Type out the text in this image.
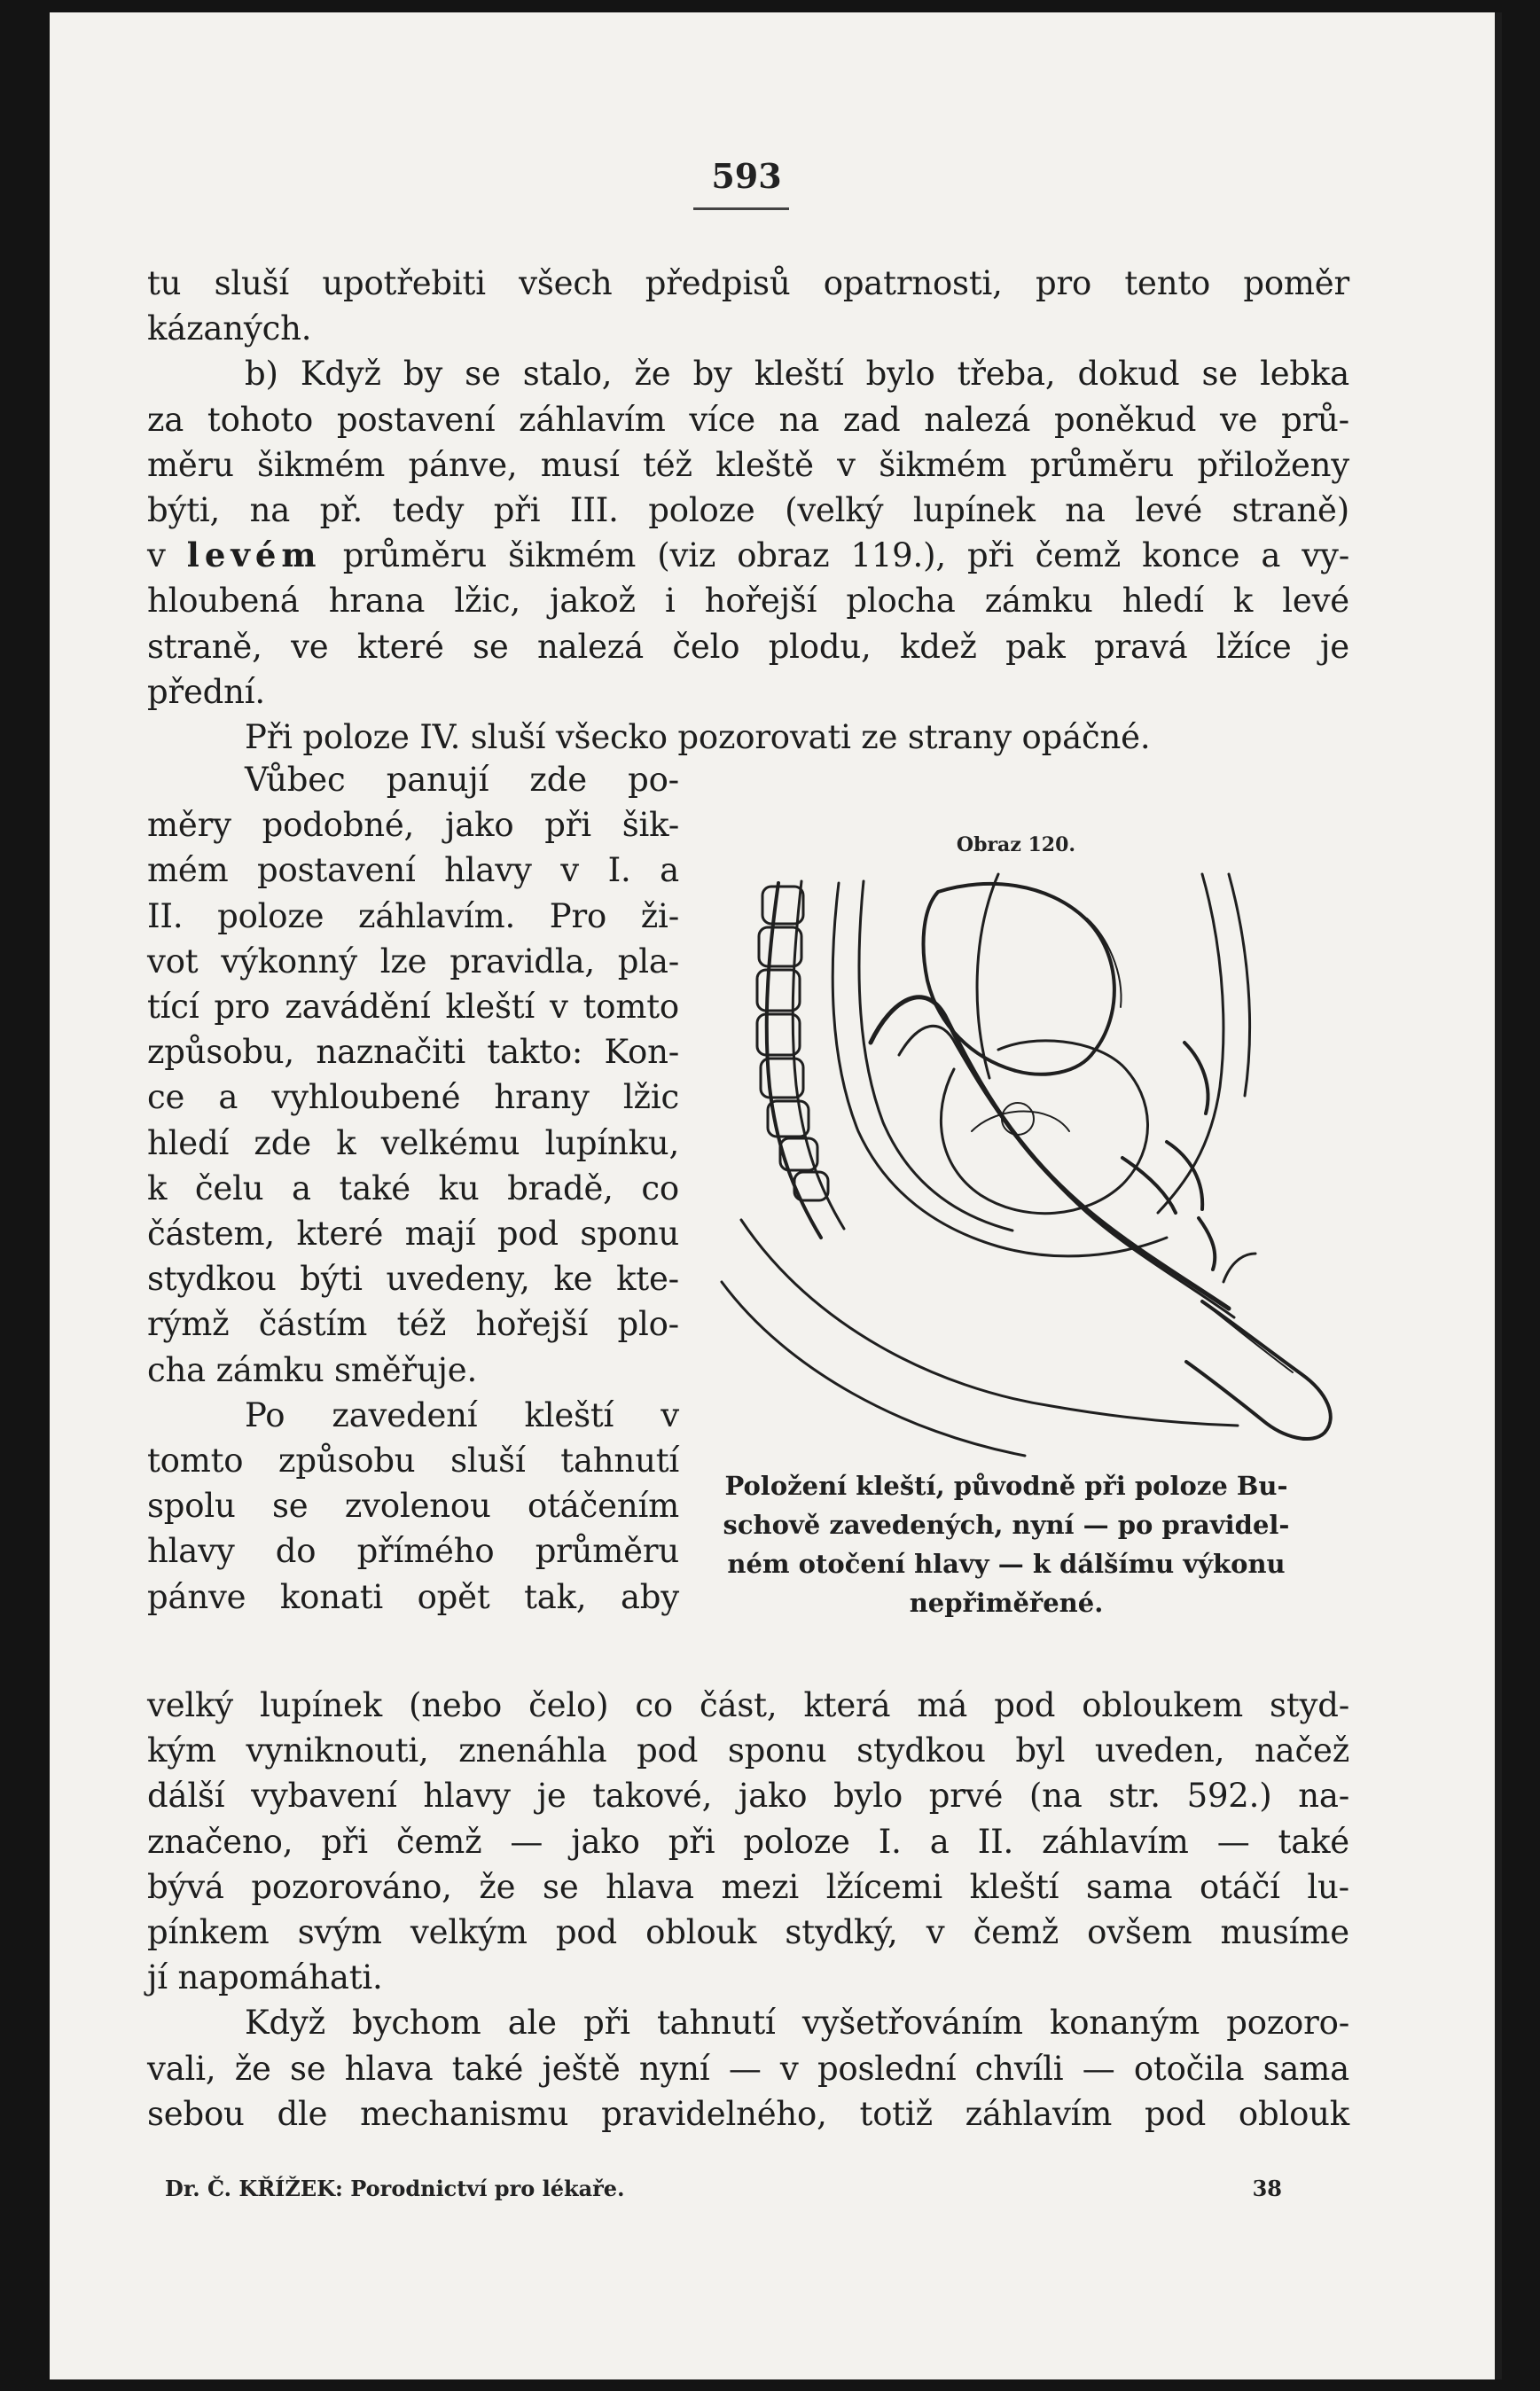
593

tu sluší upotřebiti všech předpisů opatrnosti, pro tento poměr

kázaných.

b) Když by se stalo, že by kleští bylo třeba, dokud se lebka

za tohoto postavení záhlavím více na zad nalezá poněkud ve prů-

měru šikmém pánve, musí též kleště v šikmém průměru přiloženy

býti, na př. tedy při III. poloze (velký lupínek na levé straně)

v levém průměru šikmém (viz obraz 119.), při čemž konce a vy-

hloubená hrana lžic, jakož i hořejší plocha zámku hledí k levé

straně, ve které se nalezá čelo plodu, kdež pak pravá lžíce je

přední.

Při poloze IV. sluší všecko pozorovati ze strany opáčné.

Vůbec panují zde po-

měry podobné, jako při šik-

mém postavení hlavy v I. a

II. poloze záhlavím. Pro ži-

vot výkonný lze pravidla, pla-

tící pro zavádění kleští v tomto

způsobu, naznačiti takto: Kon-

ce a vyhloubené hrany lžic

hledí zde k velkému lupínku,

k čelu a také ku bradě, co

částem, které mají pod sponu

stydkou býti uvedeny, ke kte-

rýmž částím též hořejší plo-

cha zámku směřuje.

Po zavedení kleští v

tomto způsobu sluší tahnutí

spolu se zvolenou otáčením

hlavy do přímého průměru

pánve konati opět tak, aby

Obraz 120.

Položení kleští, původně při poloze Bu-

schově zavedených, nyní — po pravidel-

ném otočení hlavy — k dálšímu výkonu

nepřiměřené.

velký lupínek (nebo čelo) co část, která má pod obloukem styd-

kým vyniknouti, znenáhla pod sponu stydkou byl uveden, načež

dálší vybavení hlavy je takové, jako bylo prvé (na str. 592.) na-

značeno, při čemž — jako při poloze I. a II. záhlavím — také

bývá pozorováno, že se hlava mezi lžícemi kleští sama otáčí lu-

pínkem svým velkým pod oblouk stydký, v čemž ovšem musíme

jí napomáhati.

Když bychom ale při tahnutí vyšetřováním konaným pozoro-

vali, že se hlava také ještě nyní — v poslední chvíli — otočila sama

sebou dle mechanismu pravidelného, totiž záhlavím pod oblouk

Dr. Č. KŘÍŽEK: Porodnictví pro lékaře.	38
